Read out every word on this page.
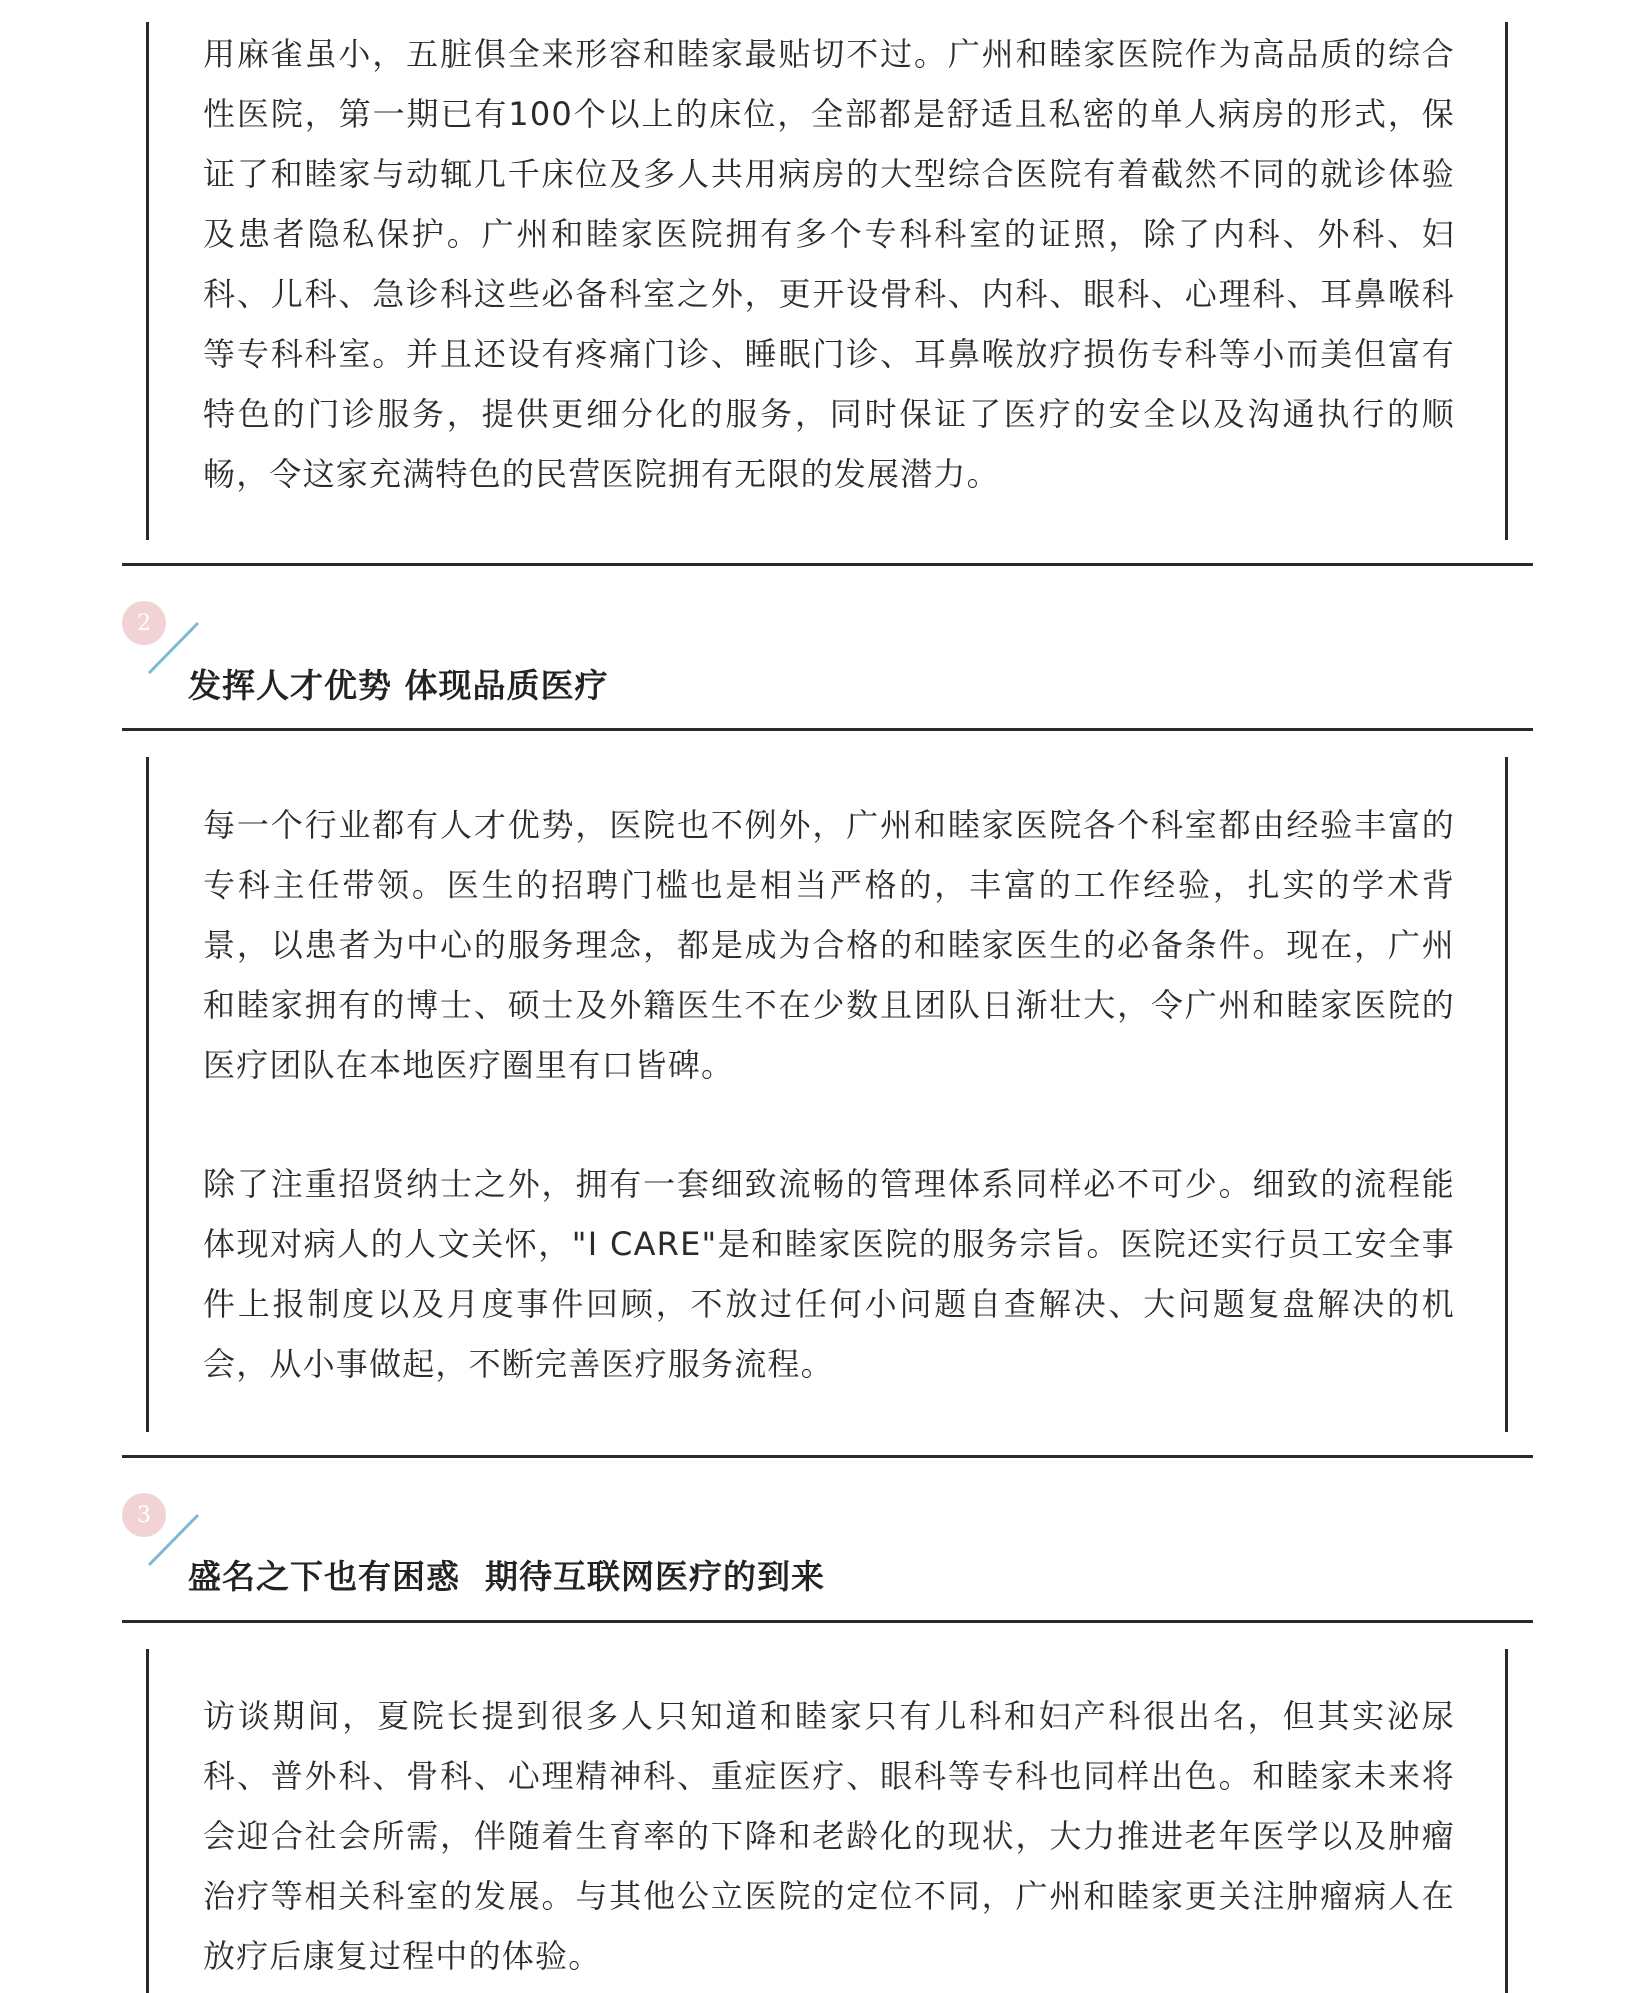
用麻雀虽小，五脏俱全来形容和睦家最贴切不过。广州和睦家医院作为高品质的综合性医院，第一期已有100个以上的床位，全部都是舒适且私密的单人病房的形式，保证了和睦家与动辄几千床位及多人共用病房的大型综合医院有着截然不同的就诊体验及患者隐私保护。广州和睦家医院拥有多个专科科室的证照，除了内科、外科、妇科、儿科、急诊科这些必备科室之外，更开设骨科、内科、眼科、心理科、耳鼻喉科等专科科室。并且还设有疼痛门诊、睡眠门诊、耳鼻喉放疗损伤专科等小而美但富有特色的门诊服务，提供更细分化的服务，同时保证了医疗的安全以及沟通执行的顺畅，令这家充满特色的民营医院拥有无限的发展潜力。

2
发挥人才优势 体现品质医疗

每一个行业都有人才优势，医院也不例外，广州和睦家医院各个科室都由经验丰富的专科主任带领。医生的招聘门槛也是相当严格的，丰富的工作经验，扎实的学术背景，以患者为中心的服务理念，都是成为合格的和睦家医生的必备条件。现在，广州和睦家拥有的博士、硕士及外籍医生不在少数且团队日渐壮大，令广州和睦家医院的医疗团队在本地医疗圈里有口皆碑。

除了注重招贤纳士之外，拥有一套细致流畅的管理体系同样必不可少。细致的流程能体现对病人的人文关怀，"I CARE"是和睦家医院的服务宗旨。医院还实行员工安全事件上报制度以及月度事件回顾，不放过任何小问题自查解决、大问题复盘解决的机会，从小事做起，不断完善医疗服务流程。

3
盛名之下也有困惑  期待互联网医疗的到来

访谈期间，夏院长提到很多人只知道和睦家只有儿科和妇产科很出名，但其实泌尿科、普外科、骨科、心理精神科、重症医疗、眼科等专科也同样出色。和睦家未来将会迎合社会所需，伴随着生育率的下降和老龄化的现状，大力推进老年医学以及肿瘤治疗等相关科室的发展。与其他公立医院的定位不同，广州和睦家更关注肿瘤病人在放疗后康复过程中的体验。
